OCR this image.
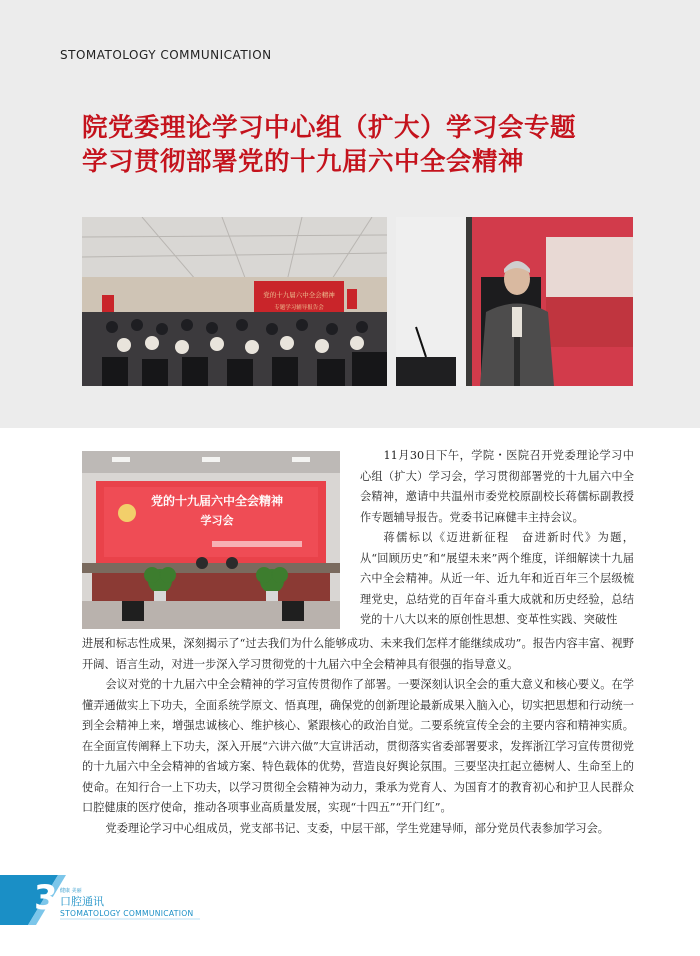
STOMATOLOGY COMMUNICATION
院党委理论学习中心组（扩大）学习会专题
学习贯彻部署党的十九届六中全会精神
党的十九届六中全会精神
专题学习辅导报告会
党的十九届六中全会精神
学习会
11月30日下午，学院・医院召开党委理论学习中心组（扩大）学习会，学习贯彻部署党的十九届六中全会精神，邀请中共温州市委党校原副校长蒋儒标副教授作专题辅导报告。党委书记麻健丰主持会议。
蒋儒标以《迈进新征程　奋进新时代》为题，从“回顾历史”和“展望未来”两个维度，详细解读十九届六中全会精神。从近一年、近九年和近百年三个层级梳理党史，总结党的百年奋斗重大成就和历史经验，总结党的十八大以来的原创性思想、变革性实践、突破性
进展和标志性成果，深刻揭示了“过去我们为什么能够成功、未来我们怎样才能继续成功”。报告内容丰富、视野开阔、语言生动，对进一步深入学习贯彻党的十九届六中全会精神具有很强的指导意义。
会议对党的十九届六中全会精神的学习宣传贯彻作了部署。一要深刻认识全会的重大意义和核心要义。在学懂弄通做实上下功夫，全面系统学原文、悟真理，确保党的创新理论最新成果入脑入心，切实把思想和行动统一到全会精神上来，增强忠诚核心、维护核心、紧跟核心的政治自觉。二要系统宣传全会的主要内容和精神实质。在全面宣传阐释上下功夫，深入开展“六讲六做”大宣讲活动，贯彻落实省委部署要求，发挥浙江学习宣传贯彻党的十九届六中全会精神的省域方案、特色载体的优势，营造良好舆论氛围。三要坚决扛起立德树人、生命至上的使命。在知行合一上下功夫，以学习贯彻全会精神为动力，秉承为党育人、为国育才的教育初心和护卫人民群众口腔健康的医疗使命，推动各项事业高质量发展，实现“十四五”“开门红”。
党委理论学习中心组成员，党支部书记、支委，中层干部，学生党建导师，部分党员代表参加学习会。
3 健康 美丽
口腔通讯
STOMATOLOGY COMMUNICATION
